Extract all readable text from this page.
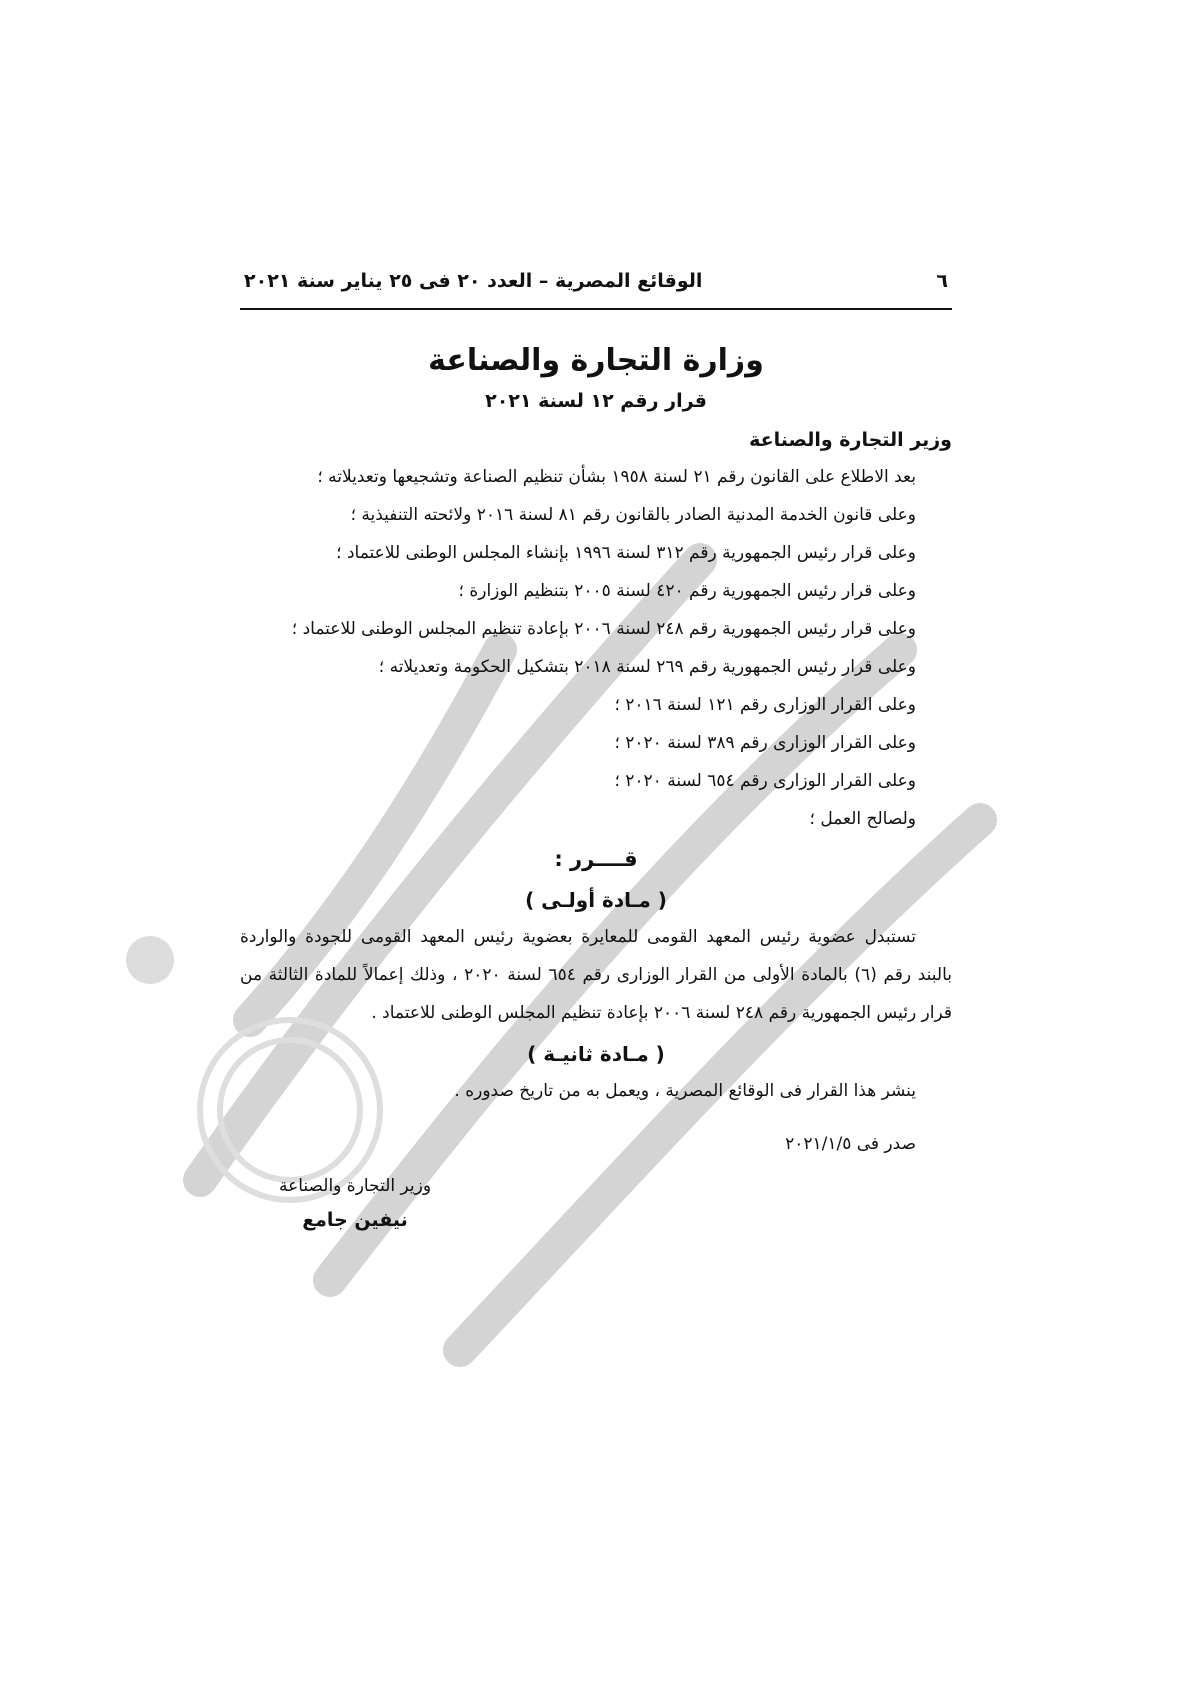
٦
الوقائع المصرية – العدد ٢٠ فى ٢٥ يناير سنة ٢٠٢١
وزارة التجارة والصناعة
قرار رقم ١٢ لسنة ٢٠٢١
وزير التجارة والصناعة

بعد الاطلاع على القانون رقم ٢١ لسنة ١٩٥٨ بشأن تنظيم الصناعة وتشجيعها وتعديلاته ؛

وعلى قانون الخدمة المدنية الصادر بالقانون رقم ٨١ لسنة ٢٠١٦ ولائحته التنفيذية ؛

وعلى قرار رئيس الجمهورية رقم ٣١٢ لسنة ١٩٩٦ بإنشاء المجلس الوطنى للاعتماد ؛

وعلى قرار رئيس الجمهورية رقم ٤٢٠ لسنة ٢٠٠٥ بتنظيم الوزارة ؛

وعلى قرار رئيس الجمهورية رقم ٢٤٨ لسنة ٢٠٠٦ بإعادة تنظيم المجلس الوطنى للاعتماد ؛

وعلى قرار رئيس الجمهورية رقم ٢٦٩ لسنة ٢٠١٨ بتشكيل الحكومة وتعديلاته ؛

وعلى القرار الوزارى رقم ١٢١ لسنة ٢٠١٦ ؛

وعلى القرار الوزارى رقم ٣٨٩ لسنة ٢٠٢٠ ؛

وعلى القرار الوزارى رقم ٦٥٤ لسنة ٢٠٢٠ ؛

ولصالح العمل ؛

قــــرر :
( مـادة أولـى )

تستبدل عضوية رئيس المعهد القومى للمعايرة بعضوية رئيس المعهد القومى للجودة والواردة بالبند رقم (٦) بالمادة الأولى من القرار الوزارى رقم ٦٥٤ لسنة ٢٠٢٠ ، وذلك إعمالاً للمادة الثالثة من قرار رئيس الجمهورية رقم ٢٤٨ لسنة ٢٠٠٦ بإعادة تنظيم المجلس الوطنى للاعتماد .

( مـادة ثانيـة )

ينشر هذا القرار فى الوقائع المصرية ، ويعمل به من تاريخ صدوره .

صدر فى ٢٠٢١/١/٥

وزير التجارة والصناعة
نيفين جامع
